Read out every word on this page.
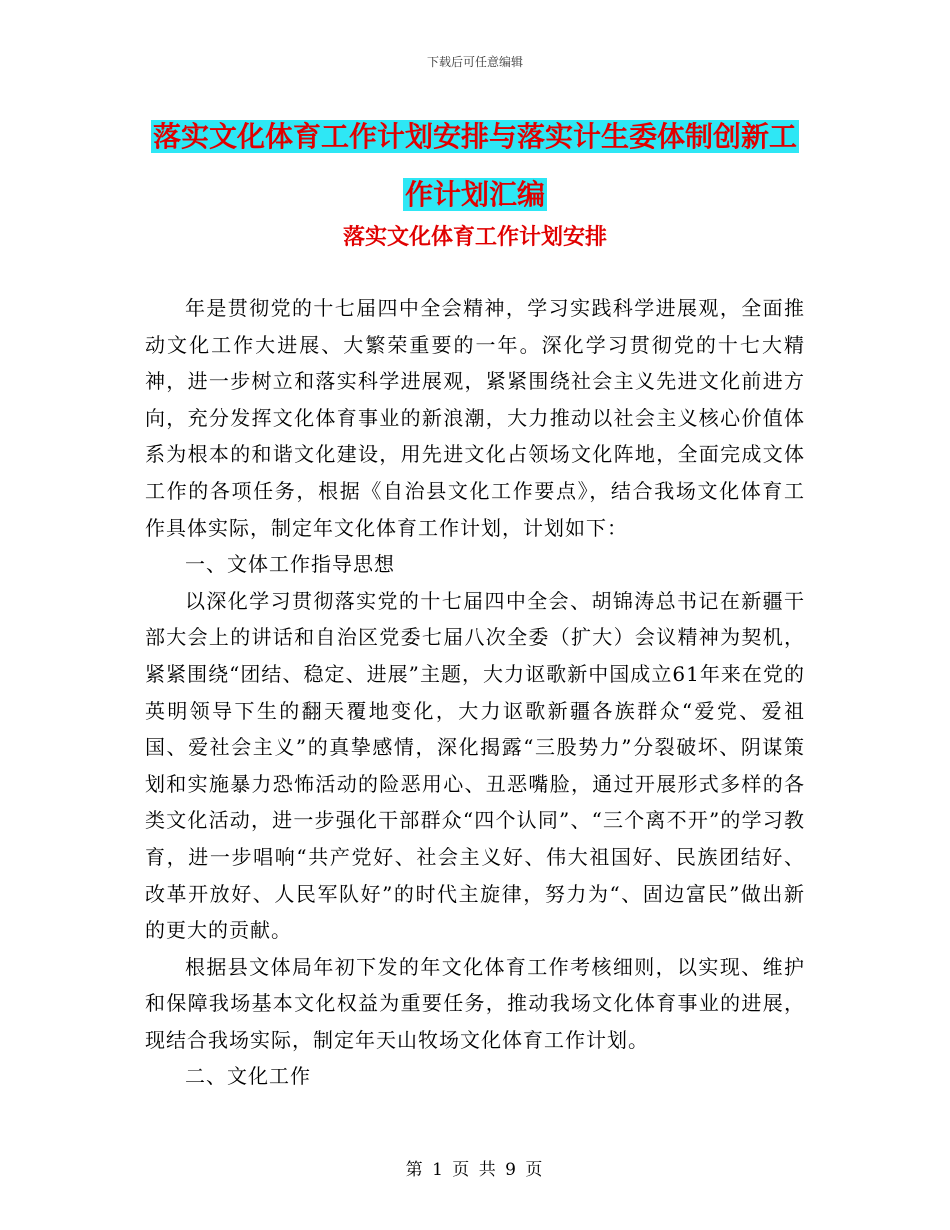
下载后可任意编辑
落实文化体育工作计划安排与落实计生委体制创新工
作计划汇编
落实文化体育工作计划安排

年是贯彻党的十七届四中全会精神，学习实践科学进展观，全面推动文化工作大进展、大繁荣重要的一年。深化学习贯彻党的十七大精神，进一步树立和落实科学进展观，紧紧围绕社会主义先进文化前进方向，充分发挥文化体育事业的新浪潮，大力推动以社会主义核心价值体系为根本的和谐文化建设，用先进文化占领场文化阵地，全面完成文体工作的各项任务，根据《自治县文化工作要点》，结合我场文化体育工作具体实际，制定年文化体育工作计划，计划如下：

一、文体工作指导思想

以深化学习贯彻落实党的十七届四中全会、胡锦涛总书记在新疆干部大会上的讲话和自治区党委七届八次全委（扩大）会议精神为契机，紧紧围绕“团结、稳定、进展”主题，大力讴歌新中国成立61年来在党的英明领导下生的翻天覆地变化，大力讴歌新疆各族群众“爱党、爱祖国、爱社会主义”的真挚感情，深化揭露“三股势力”分裂破坏、阴谋策划和实施暴力恐怖活动的险恶用心、丑恶嘴脸，通过开展形式多样的各类文化活动，进一步强化干部群众“四个认同”、“三个离不开”的学习教育，进一步唱响“共产党好、社会主义好、伟大祖国好、民族团结好、改革开放好、人民军队好”的时代主旋律，努力为“、固边富民”做出新的更大的贡献。

根据县文体局年初下发的年文化体育工作考核细则，以实现、维护和保障我场基本文化权益为重要任务，推动我场文化体育事业的进展，现结合我场实际，制定年天山牧场文化体育工作计划。

二、文化工作

第 1 页 共 9 页
